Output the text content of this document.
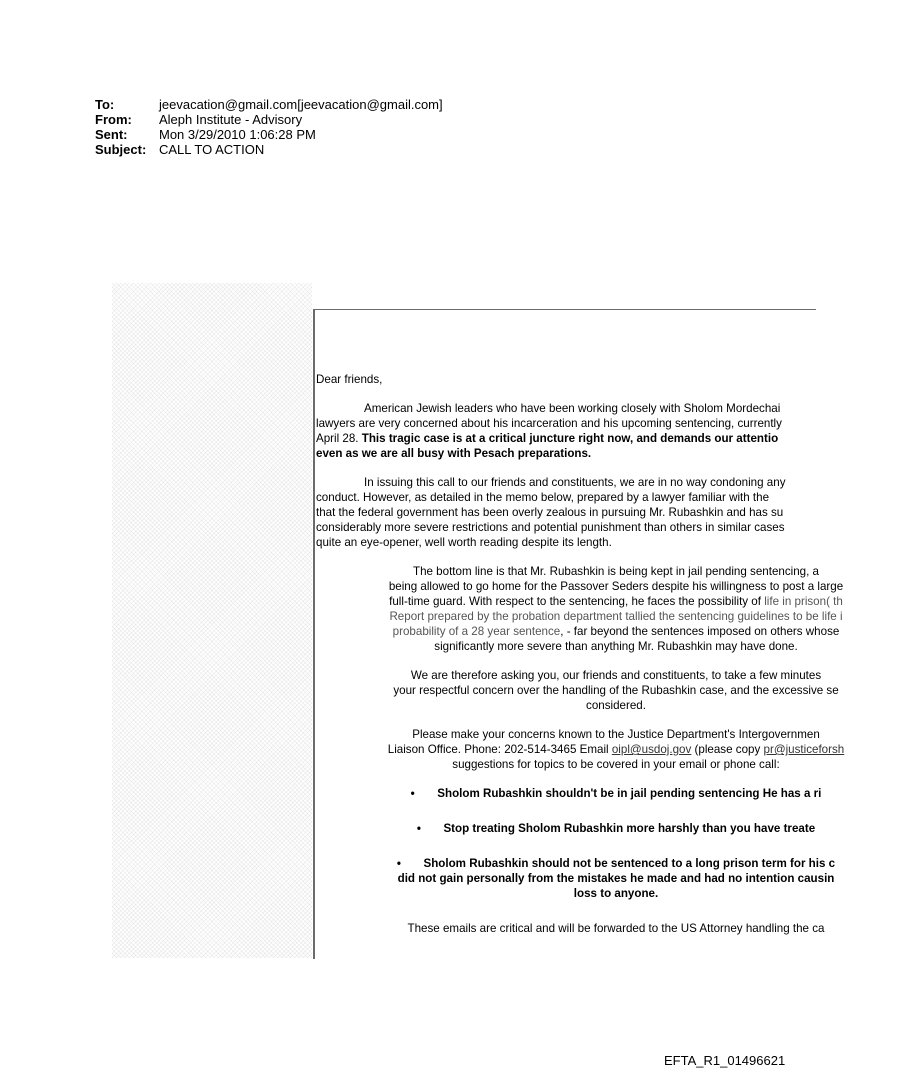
To:	jeevacation@gmail.com[jeevacation@gmail.com]
From:	Aleph Institute - Advisory
Sent:	Mon 3/29/2010 1:06:28 PM
Subject: CALL TO ACTION

Dear friends,

American Jewish leaders who have been working closely with Sholom Mordechai
lawyers are very concerned about his incarceration and his upcoming sentencing, currently
April 28. This tragic case is at a critical juncture right now, and demands our attentio
even as we are all busy with Pesach preparations.

In issuing this call to our friends and constituents, we are in no way condoning any
conduct. However, as detailed in the memo below, prepared by a lawyer familiar with the
that the federal government has been overly zealous in pursuing Mr. Rubashkin and has su
considerably more severe restrictions and potential punishment than others in similar cases
quite an eye-opener, well worth reading despite its length.

The bottom line is that Mr. Rubashkin is being kept in jail pending sentencing, a
being allowed to go home for the Passover Seders despite his willingness to post a large
full-time guard. With respect to the sentencing, he faces the possibility of life in prison( th
Report prepared by the probation department tallied the sentencing guidelines to be life i
probability of a 28 year sentence, - far beyond the sentences imposed on others whose
significantly more severe than anything Mr. Rubashkin may have done.

We are therefore asking you, our friends and constituents, to take a few minutes
your respectful concern over the handling of the Rubashkin case, and the excessive se
considered.

Please make your concerns known to the Justice Department's Intergovernmen
Liaison Office. Phone: 202-514-3465 Email oipl@usdoj.gov (please copy pr@justiceforsh
suggestions for topics to be covered in your email or phone call:

•       Sholom Rubashkin shouldn't be in jail pending sentencing He has a ri
•       Stop treating Sholom Rubashkin more harshly than you have treate
•       Sholom Rubashkin should not be sentenced to a long prison term for his c
did not gain personally from the mistakes he made and had no intention causin
loss to anyone.

These emails are critical and will be forwarded to the US Attorney handling the ca

EFTA_R1_01496621
